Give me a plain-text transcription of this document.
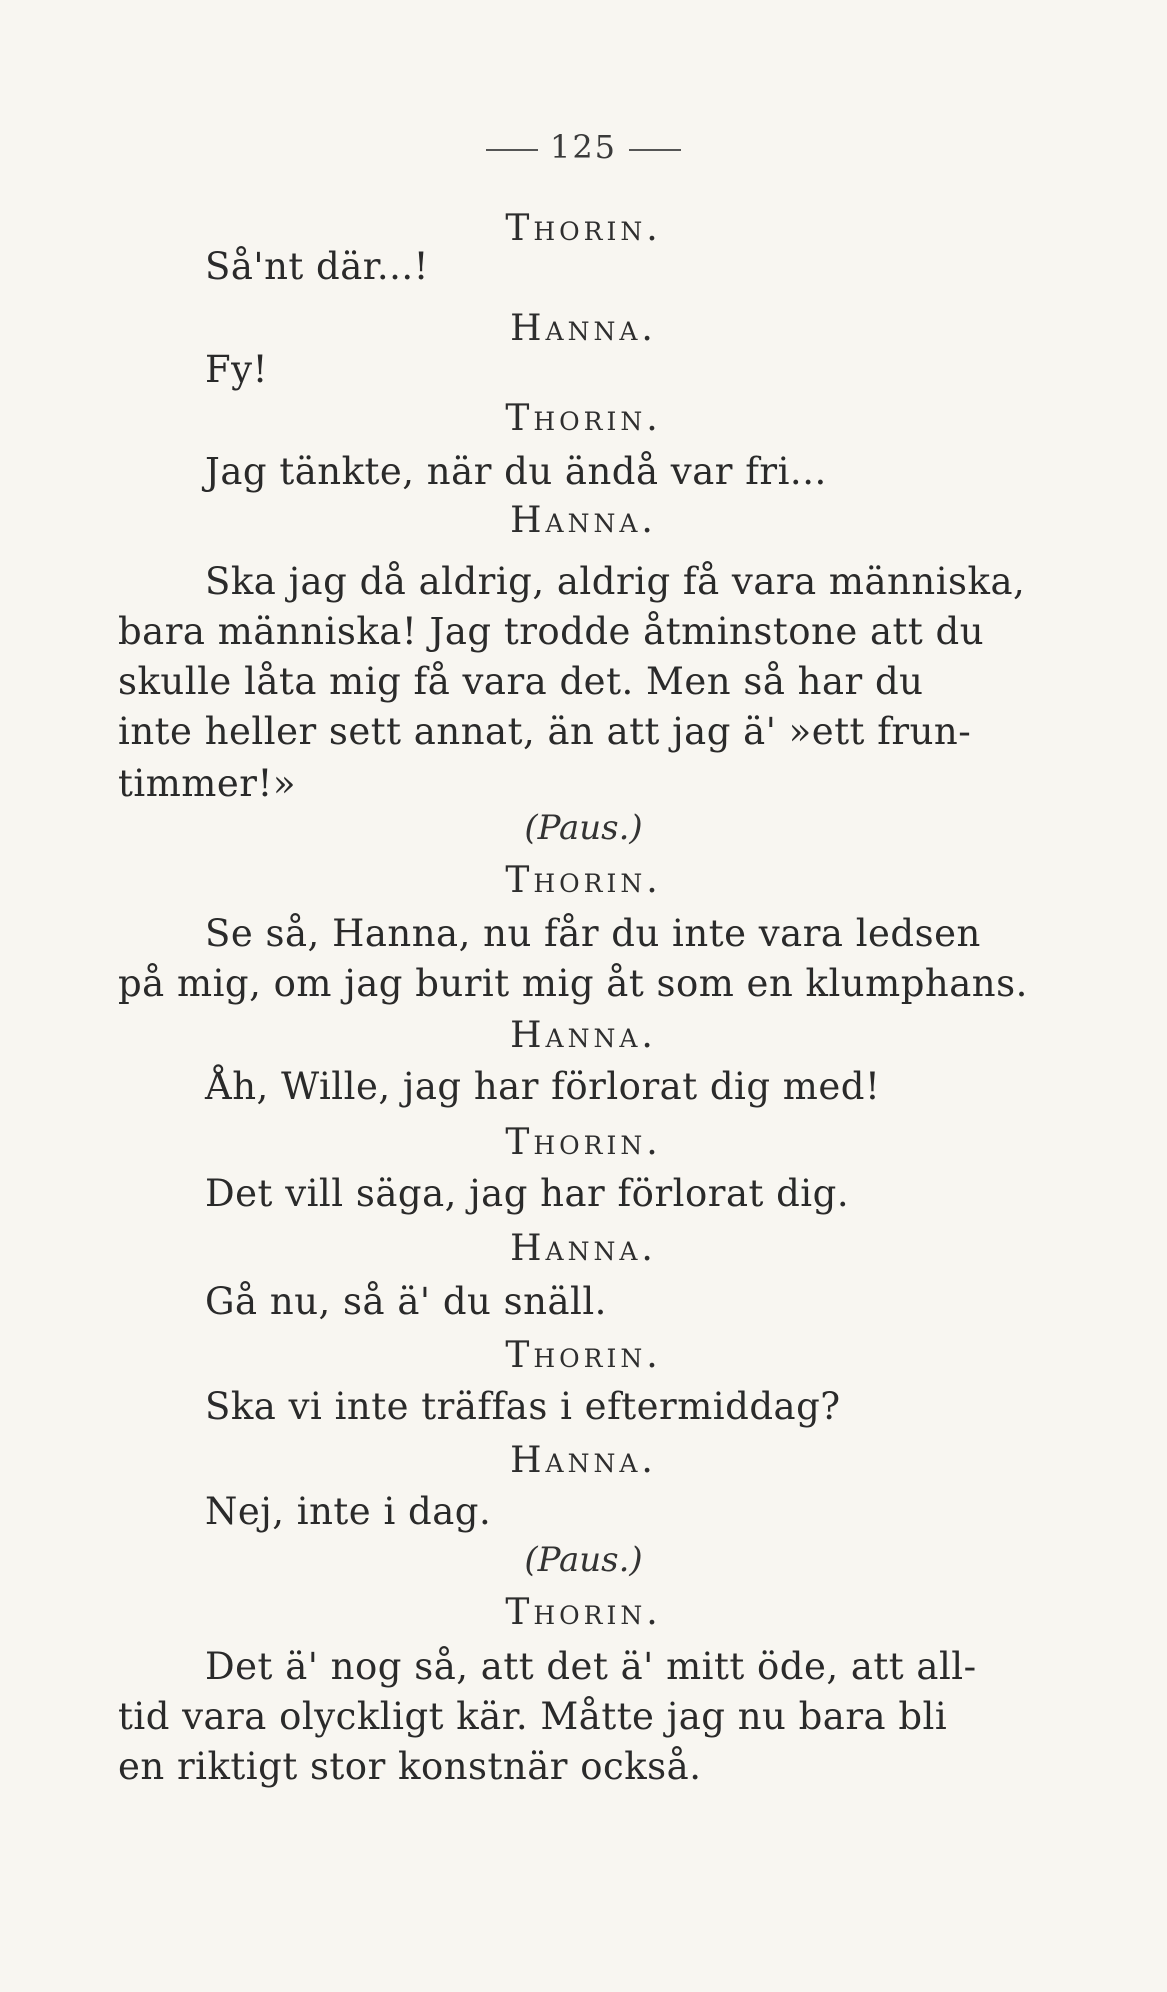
125
Thorin.
Så'nt där...!
Hanna.
Fy!
Thorin.
Jag tänkte, när du ändå var fri...
Hanna.
Ska jag då aldrig, aldrig få vara människa,
bara människa! Jag trodde åtminstone att du
skulle låta mig få vara det. Men så har du
inte heller sett annat, än att jag ä' »ett frun-
timmer!»
(Paus.)
Thorin.
Se så, Hanna, nu får du inte vara ledsen
på mig, om jag burit mig åt som en klumphans.
Hanna.
Åh, Wille, jag har förlorat dig med!
Thorin.
Det vill säga, jag har förlorat dig.
Hanna.
Gå nu, så ä' du snäll.
Thorin.
Ska vi inte träffas i eftermiddag?
Hanna.
Nej, inte i dag.
(Paus.)
Thorin.
Det ä' nog så, att det ä' mitt öde, att all-
tid vara olyckligt kär. Måtte jag nu bara bli
en riktigt stor konstnär också.
